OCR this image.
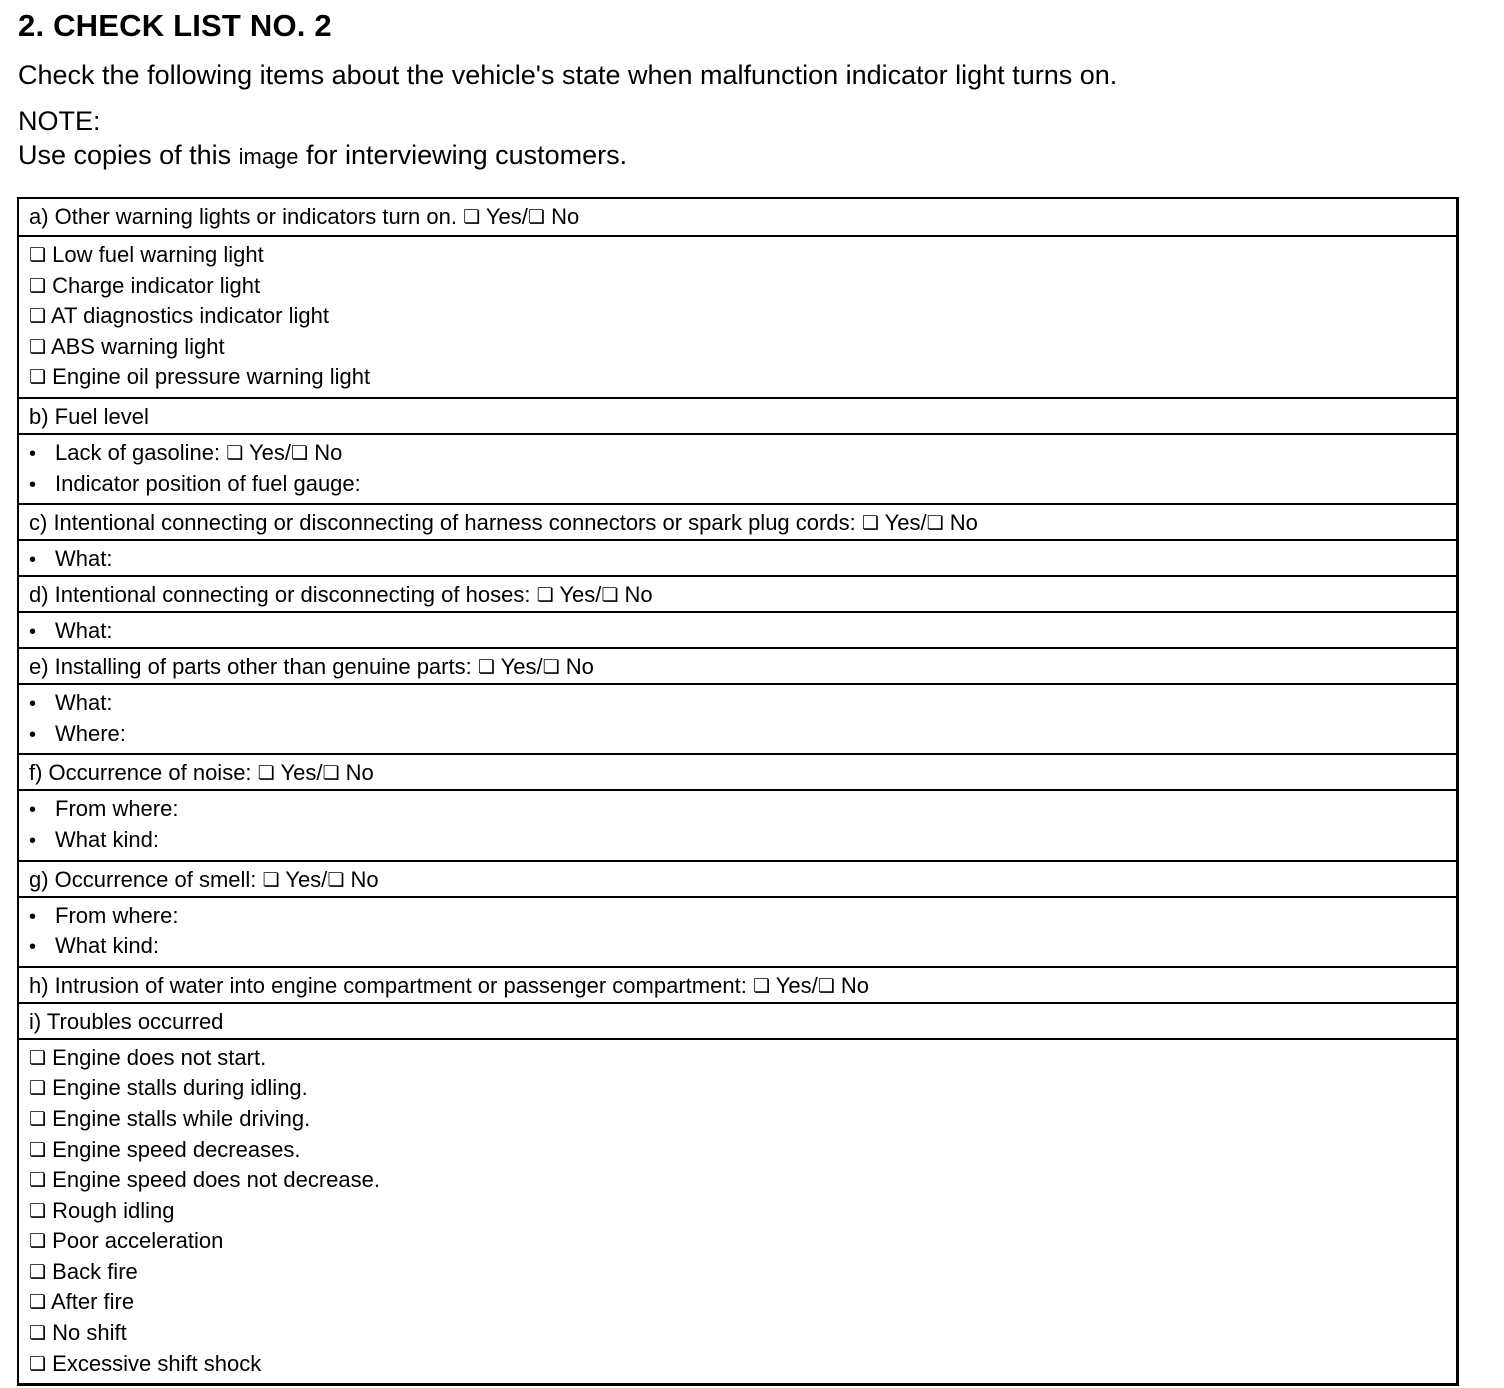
2. CHECK LIST NO. 2

Check the following items about the vehicle's state when malfunction indicator light turns on.

NOTE:

Use copies of this image for interviewing customers.

a) Other warning lights or indicators turn on. ❏ Yes/❏ No
❏ Low fuel warning light
❏ Charge indicator light
❏ AT diagnostics indicator light
❏ ABS warning light
❏ Engine oil pressure warning light
b) Fuel level
• Lack of gasoline: ❏ Yes/❏ No
• Indicator position of fuel gauge:
c) Intentional connecting or disconnecting of harness connectors or spark plug cords: ❏ Yes/❏ No
• What:
d) Intentional connecting or disconnecting of hoses: ❏ Yes/❏ No
• What:
e) Installing of parts other than genuine parts: ❏ Yes/❏ No
• What:
• Where:
f) Occurrence of noise: ❏ Yes/❏ No
• From where:
• What kind:
g) Occurrence of smell: ❏ Yes/❏ No
• From where:
• What kind:
h) Intrusion of water into engine compartment or passenger compartment: ❏ Yes/❏ No
i) Troubles occurred
❏ Engine does not start.
❏ Engine stalls during idling.
❏ Engine stalls while driving.
❏ Engine speed decreases.
❏ Engine speed does not decrease.
❏ Rough idling
❏ Poor acceleration
❏ Back fire
❏ After fire
❏ No shift
❏ Excessive shift shock
